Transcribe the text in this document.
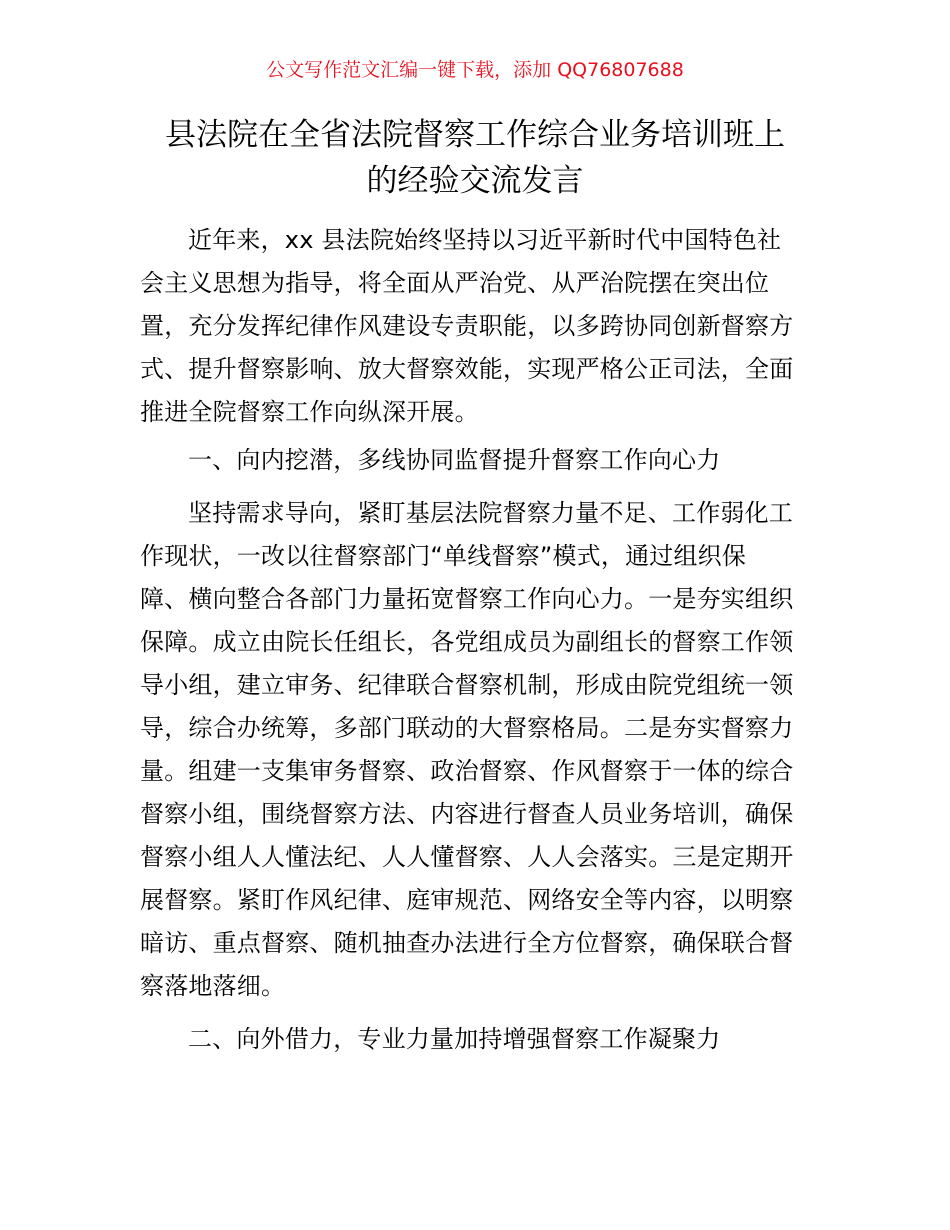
公文写作范文汇编一键下载，添加 QQ76807688
县法院在全省法院督察工作综合业务培训班上
的经验交流发言
近年来，xx 县法院始终坚持以习近平新时代中国特色社
会主义思想为指导，将全面从严治党、从严治院摆在突出位
置，充分发挥纪律作风建设专责职能，以多跨协同创新督察方
式、提升督察影响、放大督察效能，实现严格公正司法，全面
推进全院督察工作向纵深开展。
一、向内挖潜，多线协同监督提升督察工作向心力
坚持需求导向，紧盯基层法院督察力量不足、工作弱化工
作现状，一改以往督察部门“单线督察”模式，通过组织保
障、横向整合各部门力量拓宽督察工作向心力。一是夯实组织
保障。成立由院长任组长，各党组成员为副组长的督察工作领
导小组，建立审务、纪律联合督察机制，形成由院党组统一领
导，综合办统筹，多部门联动的大督察格局。二是夯实督察力
量。组建一支集审务督察、政治督察、作风督察于一体的综合
督察小组，围绕督察方法、内容进行督查人员业务培训，确保
督察小组人人懂法纪、人人懂督察、人人会落实。三是定期开
展督察。紧盯作风纪律、庭审规范、网络安全等内容，以明察
暗访、重点督察、随机抽查办法进行全方位督察，确保联合督
察落地落细。
二、向外借力，专业力量加持增强督察工作凝聚力
